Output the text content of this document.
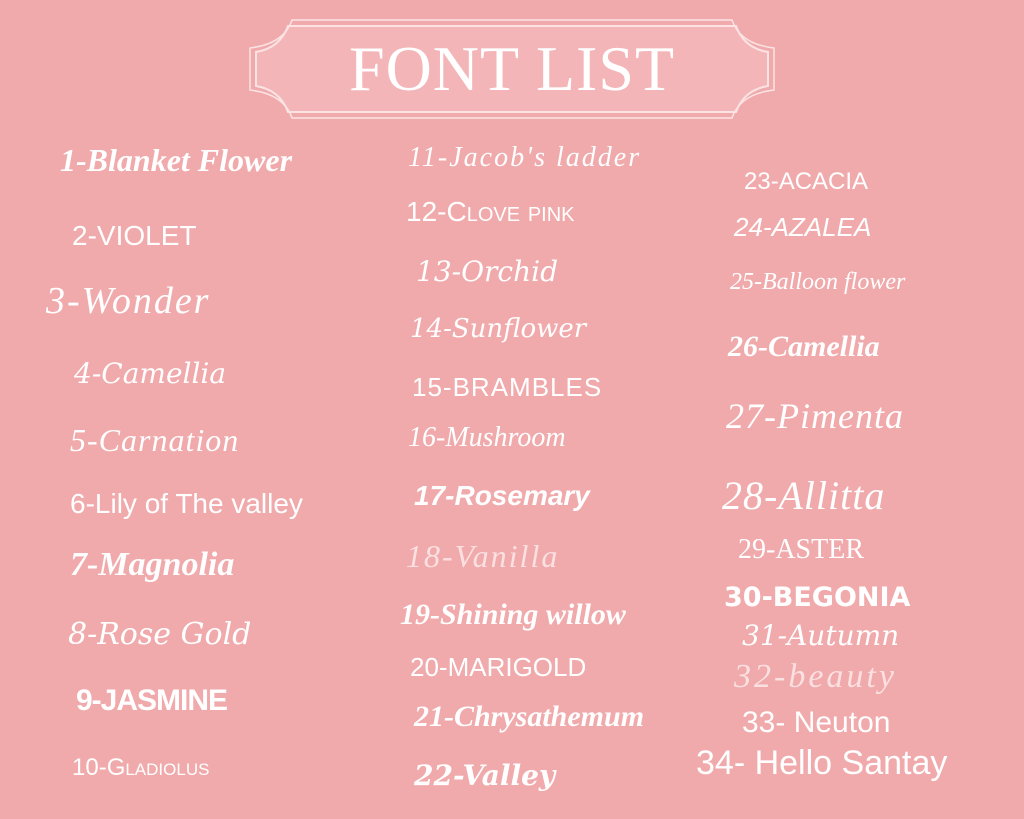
FONT LIST
1-Blanket Flower
2-VIOLET
3-Wonder
4-Camellia
5-Carnation
6-Lily of The valley
7-Magnolia
8-Rose Gold
9-JASMINE
10-Gladiolus
11-Jacob's ladder
12-Clove pink
13-Orchid
14-Sunflower
15-BRAMBLES
16-Mushroom
17-Rosemary
18-Vanilla
19-Shining willow
20-MARIGOLD
21-Chrysathemum
22-Valley
23-ACACIA
24-AZALEA
25-Balloon flower
26-Camellia
27-Pimenta
28-Allitta
29-ASTER
30-BEGONIA
31-Autumn
32-beauty
33- Neuton
34- Hello Santay
